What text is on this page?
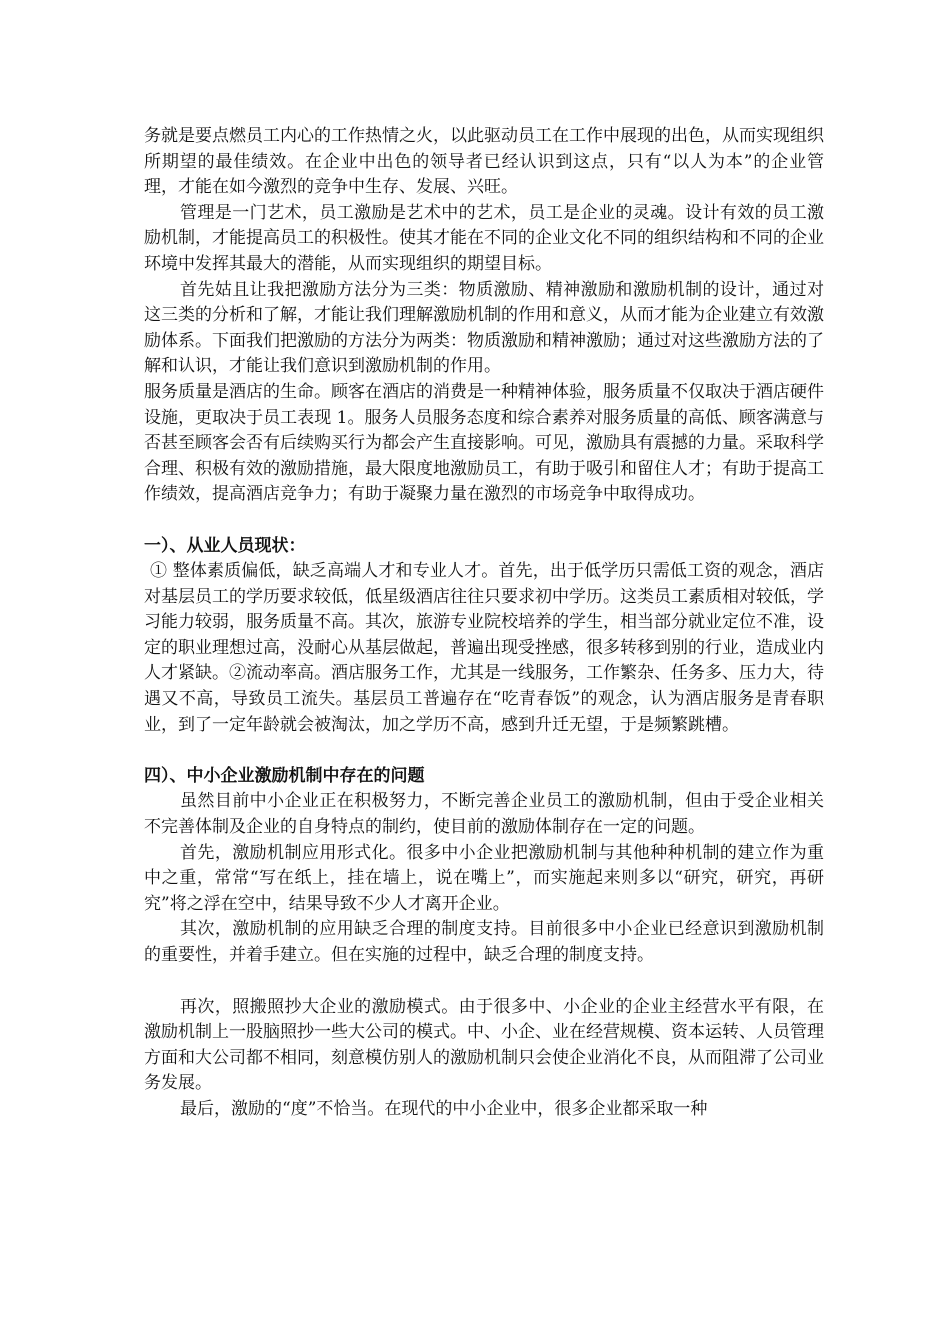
务就是要点燃员工内心的工作热情之火，以此驱动员工在工作中展现的出色，从而实现组织所期望的最佳绩效。在企业中出色的领导者已经认识到这点，只有“以人为本”的企业管理，才能在如今激烈的竞争中生存、发展、兴旺。

管理是一门艺术，员工激励是艺术中的艺术，员工是企业的灵魂。设计有效的员工激励机制，才能提高员工的积极性。使其才能在不同的企业文化不同的组织结构和不同的企业环境中发挥其最大的潜能，从而实现组织的期望目标。

首先姑且让我把激励方法分为三类：物质激励、精神激励和激励机制的设计，通过对这三类的分析和了解，才能让我们理解激励机制的作用和意义，从而才能为企业建立有效激励体系。下面我们把激励的方法分为两类：物质激励和精神激励；通过对这些激励方法的了解和认识，才能让我们意识到激励机制的作用。

服务质量是酒店的生命。顾客在酒店的消费是一种精神体验，服务质量不仅取决于酒店硬件设施，更取决于员工表现 1。服务人员服务态度和综合素养对服务质量的高低、顾客满意与否甚至顾客会否有后续购买行为都会产生直接影响。可见，激励具有震撼的力量。采取科学合理、积极有效的激励措施，最大限度地激励员工，有助于吸引和留住人才；有助于提高工作绩效，提高酒店竞争力；有助于凝聚力量在激烈的市场竞争中取得成功。

一）、从业人员现状：

① 整体素质偏低，缺乏高端人才和专业人才。首先，出于低学历只需低工资的观念，酒店对基层员工的学历要求较低，低星级酒店往往只要求初中学历。这类员工素质相对较低，学习能力较弱，服务质量不高。其次，旅游专业院校培养的学生，相当部分就业定位不准，设定的职业理想过高，没耐心从基层做起，普遍出现受挫感，很多转移到别的行业，造成业内人才紧缺。②流动率高。酒店服务工作，尤其是一线服务，工作繁杂、任务多、压力大，待遇又不高，导致员工流失。基层员工普遍存在“吃青春饭”的观念，认为酒店服务是青春职业，到了一定年龄就会被淘汰，加之学历不高，感到升迁无望，于是频繁跳槽。

四）、中小企业激励机制中存在的问题

虽然目前中小企业正在积极努力，不断完善企业员工的激励机制，但由于受企业相关不完善体制及企业的自身特点的制约，使目前的激励体制存在一定的问题。

首先，激励机制应用形式化。很多中小企业把激励机制与其他种种机制的建立作为重中之重，常常“写在纸上，挂在墙上，说在嘴上”，而实施起来则多以“研究，研究，再研究”将之浮在空中，结果导致不少人才离开企业。

其次，激励机制的应用缺乏合理的制度支持。目前很多中小企业已经意识到激励机制的重要性，并着手建立。但在实施的过程中，缺乏合理的制度支持。

再次，照搬照抄大企业的激励模式。由于很多中、小企业的企业主经营水平有限，在激励机制上一股脑照抄一些大公司的模式。中、小企、业在经营规模、资本运转、人员管理方面和大公司都不相同，刻意模仿别人的激励机制只会使企业消化不良，从而阻滞了公司业务发展。

最后，激励的“度”不恰当。在现代的中小企业中，很多企业都采取一种
